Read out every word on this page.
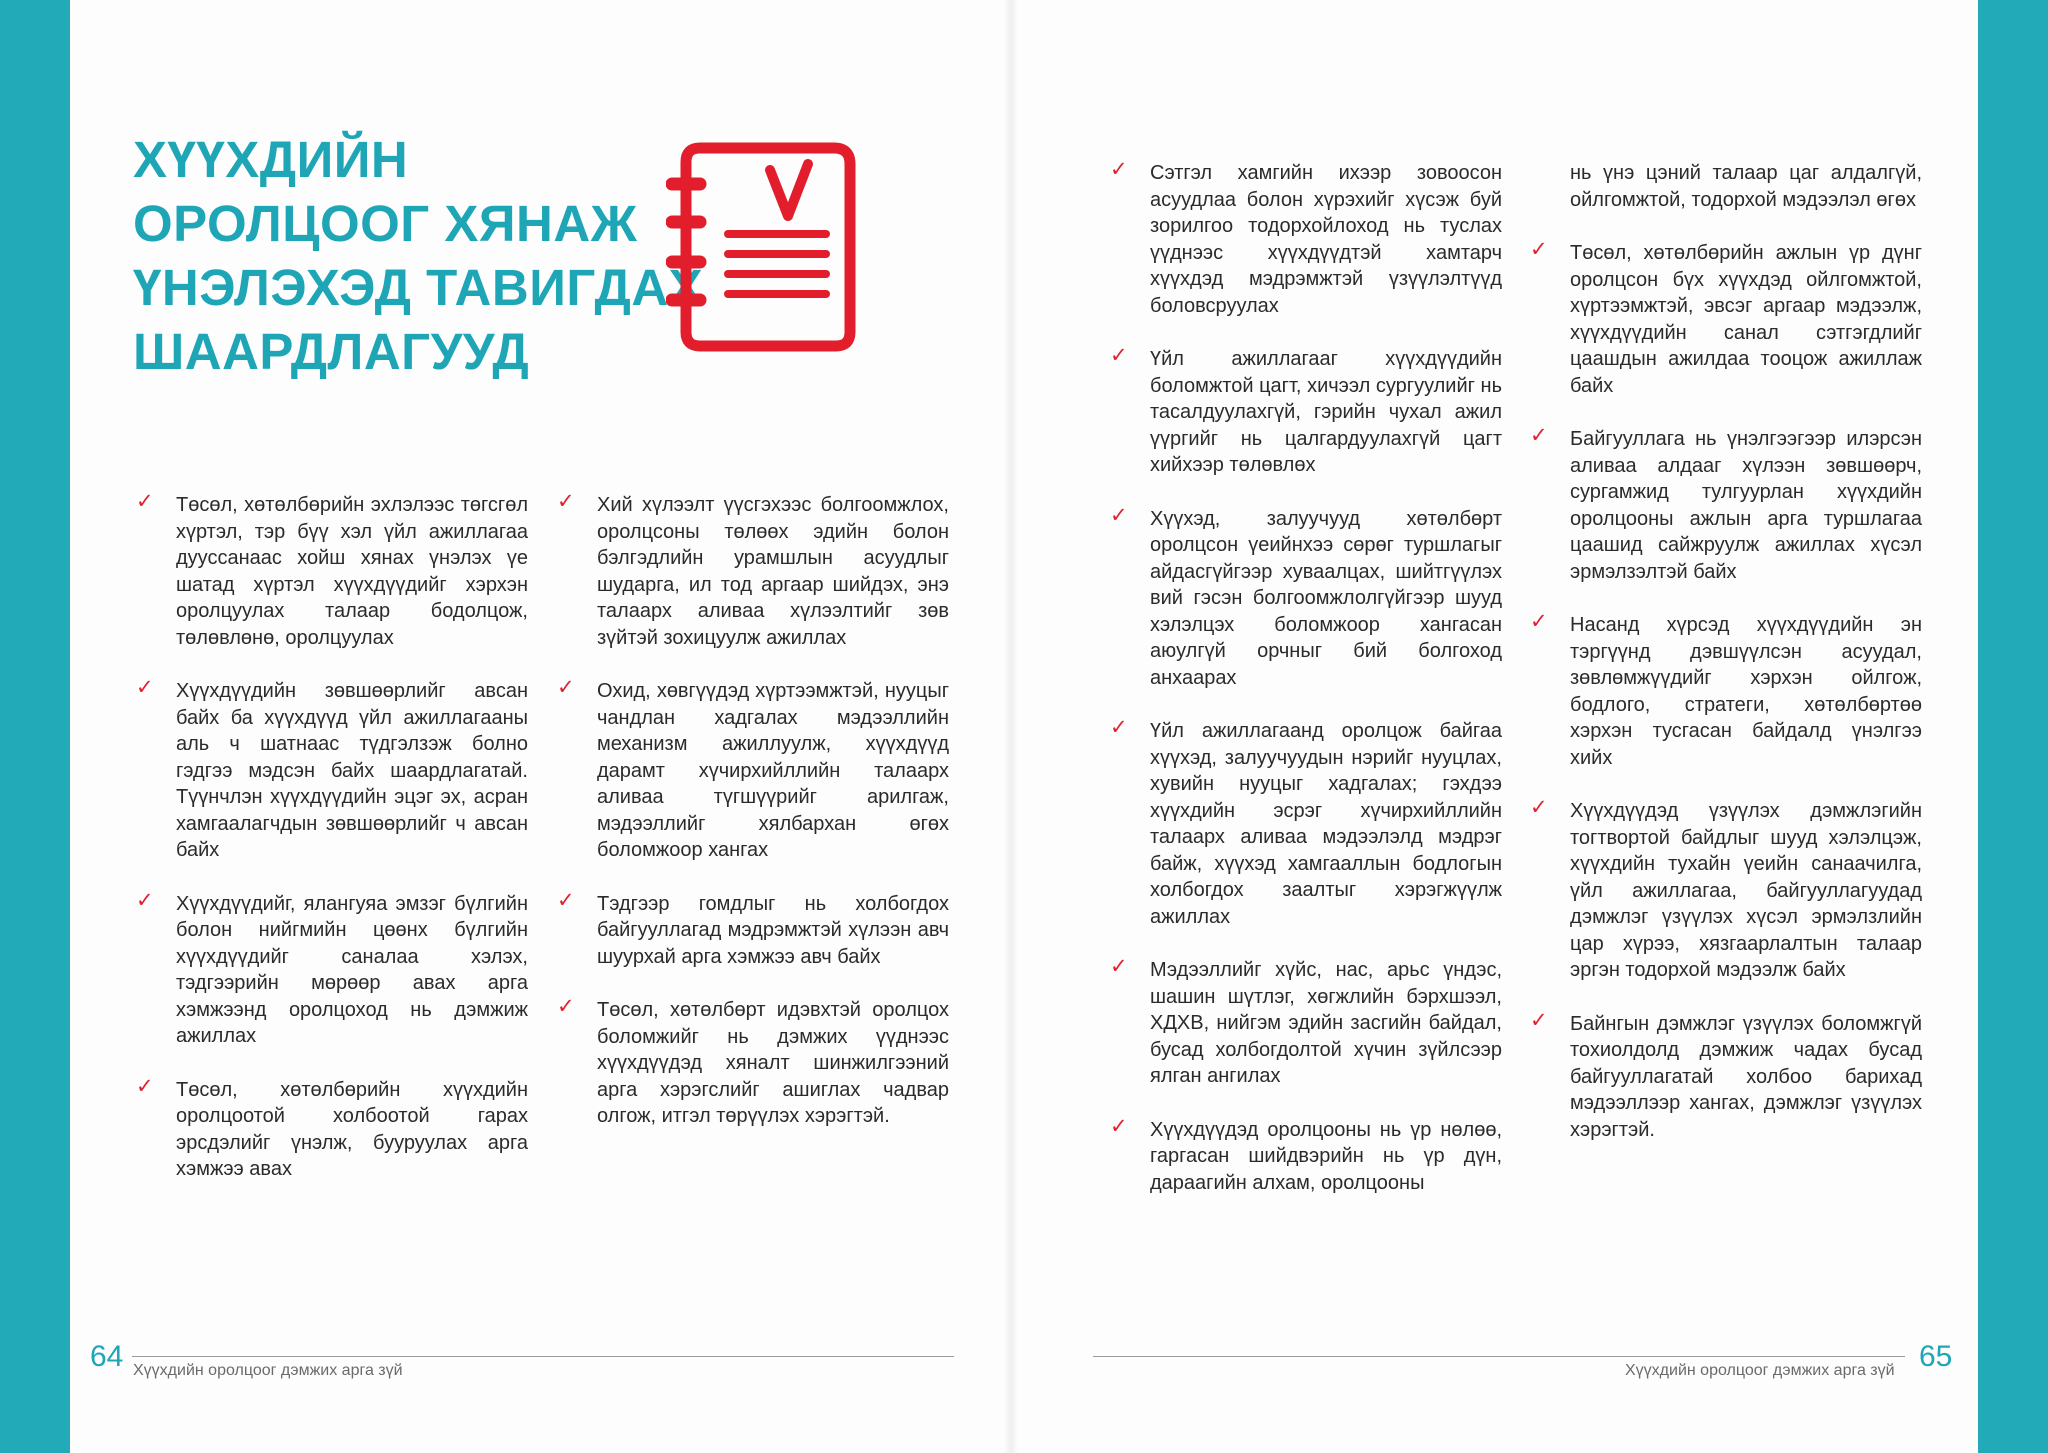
ХҮҮХДИЙН
ОРОЛЦООГ ХЯНАЖ
ҮНЭЛЭХЭД ТАВИГДАХ
ШААРДЛАГУУД
✓ Төсөл, хөтөлбөрийн эхлэлээс төгсгөл хүртэл, тэр бүү хэл үйл ажиллагаа дууссанаас хойш хянах үнэлэх үе шатад хүртэл хүүхдүүдийг хэрхэн оролцуулах талаар бодолцож, төлөвлөнө, оролцуулах
✓ Хүүхдүүдийн зөвшөөрлийг авсан байх ба хүүхдүүд үйл ажиллагааны аль ч шатнаас түдгэлзэж болно гэдгээ мэдсэн байх шаардлагатай. Түүнчлэн хүүхдүүдийн эцэг эх, асран хамгаалагчдын зөвшөөрлийг ч авсан байх
✓ Хүүхдүүдийг, ялангуяа эмзэг бүлгийн болон нийгмийн цөөнх бүлгийн хүүхдүүдийг саналаа хэлэх, тэдгээрийн мөрөөр авах арга хэмжээнд оролцоход нь дэмжиж ажиллах
✓ Төсөл, хөтөлбөрийн хүүхдийн оролцоотой холбоотой гарах эрсдэлийг үнэлж, бууруулах арга хэмжээ авах
✓ Хий хүлээлт үүсгэхээс болгоомжлох, оролцсоны төлөөх эдийн болон бэлгэдлийн урамшлын асуудлыг шударга, ил тод аргаар шийдэх, энэ талаарх аливаа хүлээлтийг зөв зүйтэй зохицуулж ажиллах
✓ Охид, хөвгүүдэд хүртээмжтэй, нууцыг чандлан хадгалах мэдээллийн механизм ажиллуулж, хүүхдүүд дарамт хүчирхийллийн талаарх аливаа түгшүүрийг арилгаж, мэдээллийг хялбархан өгөх боломжоор хангах
✓ Тэдгээр гомдлыг нь холбогдох байгууллагад мэдрэмжтэй хүлээн авч шуурхай арга хэмжээ авч байх
✓ Төсөл, хөтөлбөрт идэвхтэй оролцох боломжийг нь дэмжих үүднээс хүүхдүүдэд хяналт шинжилгээний арга хэрэгслийг ашиглах чадвар олгож, итгэл төрүүлэх хэрэгтэй.
✓ Сэтгэл хамгийн ихээр зовоосон асуудлаа болон хүрэхийг хүсэж буй зорилгоо тодорхойлоход нь туслах үүднээс хүүхдүүдтэй хамтарч хүүхдэд мэдрэмжтэй үзүүлэлтүүд боловсруулах
✓ Үйл ажиллагааг хүүхдүүдийн боломжтой цагт, хичээл сургуулийг нь тасалдуулахгүй, гэрийн чухал ажил үүргийг нь цалгардуулахгүй цагт хийхээр төлөвлөх
✓ Хүүхэд, залуучууд хөтөлбөрт оролцсон үеийнхээ сөрөг туршлагыг айдасгүйгээр хуваалцах, шийтгүүлэх вий гэсэн болгоомжлолгүйгээр шууд хэлэлцэх боломжоор хангасан аюулгүй орчныг бий болгоход анхаарах
✓ Үйл ажиллагаанд оролцож байгаа хүүхэд, залуучуудын нэрийг нууцлах, хувийн нууцыг хадгалах; гэхдээ хүүхдийн эсрэг хүчирхийллийн талаарх аливаа мэдээлэлд мэдрэг байж, хүүхэд хамгааллын бодлогын холбогдох заалтыг хэрэгжүүлж ажиллах
✓ Мэдээллийг хүйс, нас, арьс үндэс, шашин шүтлэг, хөгжлийн бэрхшээл, ХДХВ, нийгэм эдийн засгийн байдал, бусад холбогдолтой хүчин зүйлсээр ялган ангилах
✓ Хүүхдүүдэд оролцооны нь үр нөлөө, гаргасан шийдвэрийн нь үр дүн, дараагийн алхам, оролцооны
нь үнэ цэний талаар цаг алдалгүй, ойлгомжтой, тодорхой мэдээлэл өгөх
✓ Төсөл, хөтөлбөрийн ажлын үр дүнг оролцсон бүх хүүхдэд ойлгомжтой, хүртээмжтэй, эвсэг аргаар мэдээлж, хүүхдүүдийн санал сэтгэгдлийг цаашдын ажилдаа тооцож ажиллаж байх
✓ Байгууллага нь үнэлгээгээр илэрсэн аливаа алдааг хүлээн зөвшөөрч, сургамжид тулгуурлан хүүхдийн оролцооны ажлын арга туршлагаа цаашид сайжруулж ажиллах хүсэл эрмэлзэлтэй байх
✓ Насанд хүрсэд хүүхдүүдийн эн тэргүүнд дэвшүүлсэн асуудал, зөвлөмжүүдийг хэрхэн ойлгож, бодлого, стратеги, хөтөлбөртөө хэрхэн тусгасан байдалд үнэлгээ хийх
✓ Хүүхдүүдэд үзүүлэх дэмжлэгийн тогтвортой байдлыг шууд хэлэлцэж, хүүхдийн тухайн үеийн санаачилга, үйл ажиллагаа, байгууллагуудад дэмжлэг үзүүлэх хүсэл эрмэлзлийн цар хүрээ, хязгаарлалтын талаар эргэн тодорхой мэдээлж байх
✓ Байнгын дэмжлэг үзүүлэх боломжгүй тохиолдолд дэмжиж чадах бусад байгууллагатай холбоо барихад мэдээллээр хангах, дэмжлэг үзүүлэх хэрэгтэй.
64 Хүүхдийн оролцоог дэмжих арга зүй	65
Хүүхдийн оролцоог дэмжих арга зүй
